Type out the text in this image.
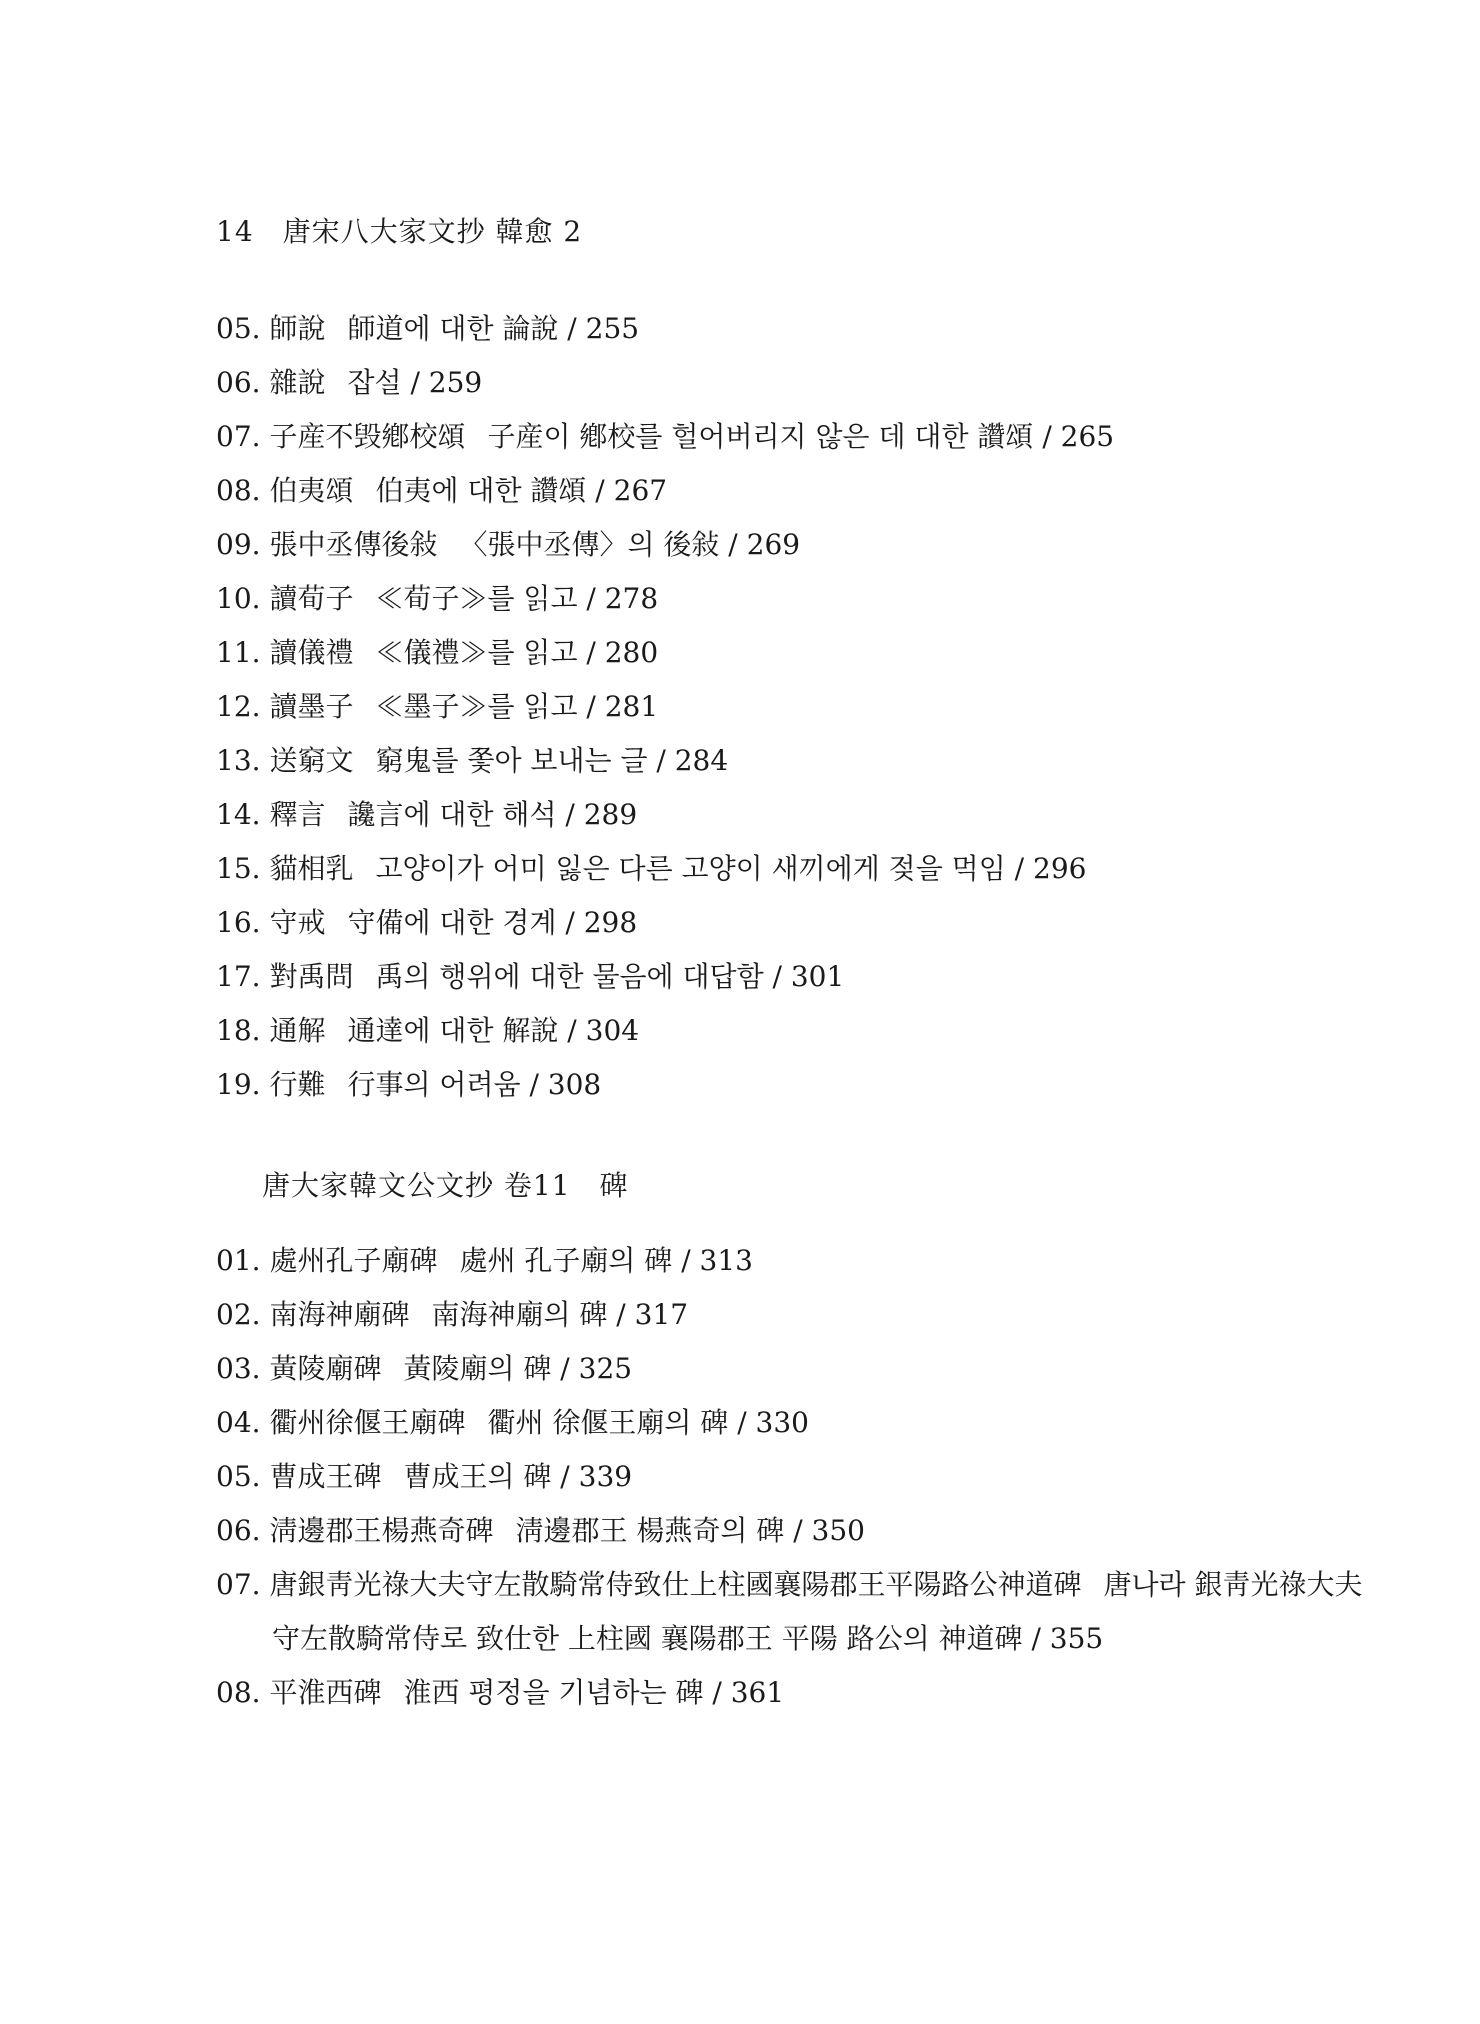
14　唐宋八大家文抄 韓愈 2
05. 師說 師道에 대한 論說 / 255
06. 雜說 잡설 / 259
07. 子産不毁鄕校頌 子産이 鄕校를 헐어버리지 않은 데 대한 讚頌 / 265
08. 伯夷頌 伯夷에 대한 讚頌 / 267
09. 張中丞傳後敍 〈張中丞傳〉의 後敍 / 269
10. 讀荀子 ≪荀子≫를 읽고 / 278
11. 讀儀禮 ≪儀禮≫를 읽고 / 280
12. 讀墨子 ≪墨子≫를 읽고 / 281
13. 送窮文 窮鬼를 쫓아 보내는 글 / 284
14. 釋言 讒言에 대한 해석 / 289
15. 貓相乳 고양이가 어미 잃은 다른 고양이 새끼에게 젖을 먹임 / 296
16. 守戒 守備에 대한 경계 / 298
17. 對禹問 禹의 행위에 대한 물음에 대답함 / 301
18. 通解 通達에 대한 解說 / 304
19. 行難 行事의 어려움 / 308
唐大家韓文公文抄 卷11　碑
01. 處州孔子廟碑 處州 孔子廟의 碑 / 313
02. 南海神廟碑 南海神廟의 碑 / 317
03. 黃陵廟碑 黃陵廟의 碑 / 325
04. 衢州徐偃王廟碑 衢州 徐偃王廟의 碑 / 330
05. 曹成王碑 曹成王의 碑 / 339
06. 淸邊郡王楊燕奇碑 淸邊郡王 楊燕奇의 碑 / 350
07. 唐銀靑光祿大夫守左散騎常侍致仕上柱國襄陽郡王平陽路公神道碑 唐나라 銀靑光祿大夫 守左散騎常侍로 致仕한 上柱國 襄陽郡王 平陽 路公의 神道碑 / 355
08. 平淮西碑 淮西 평정을 기념하는 碑 / 361
